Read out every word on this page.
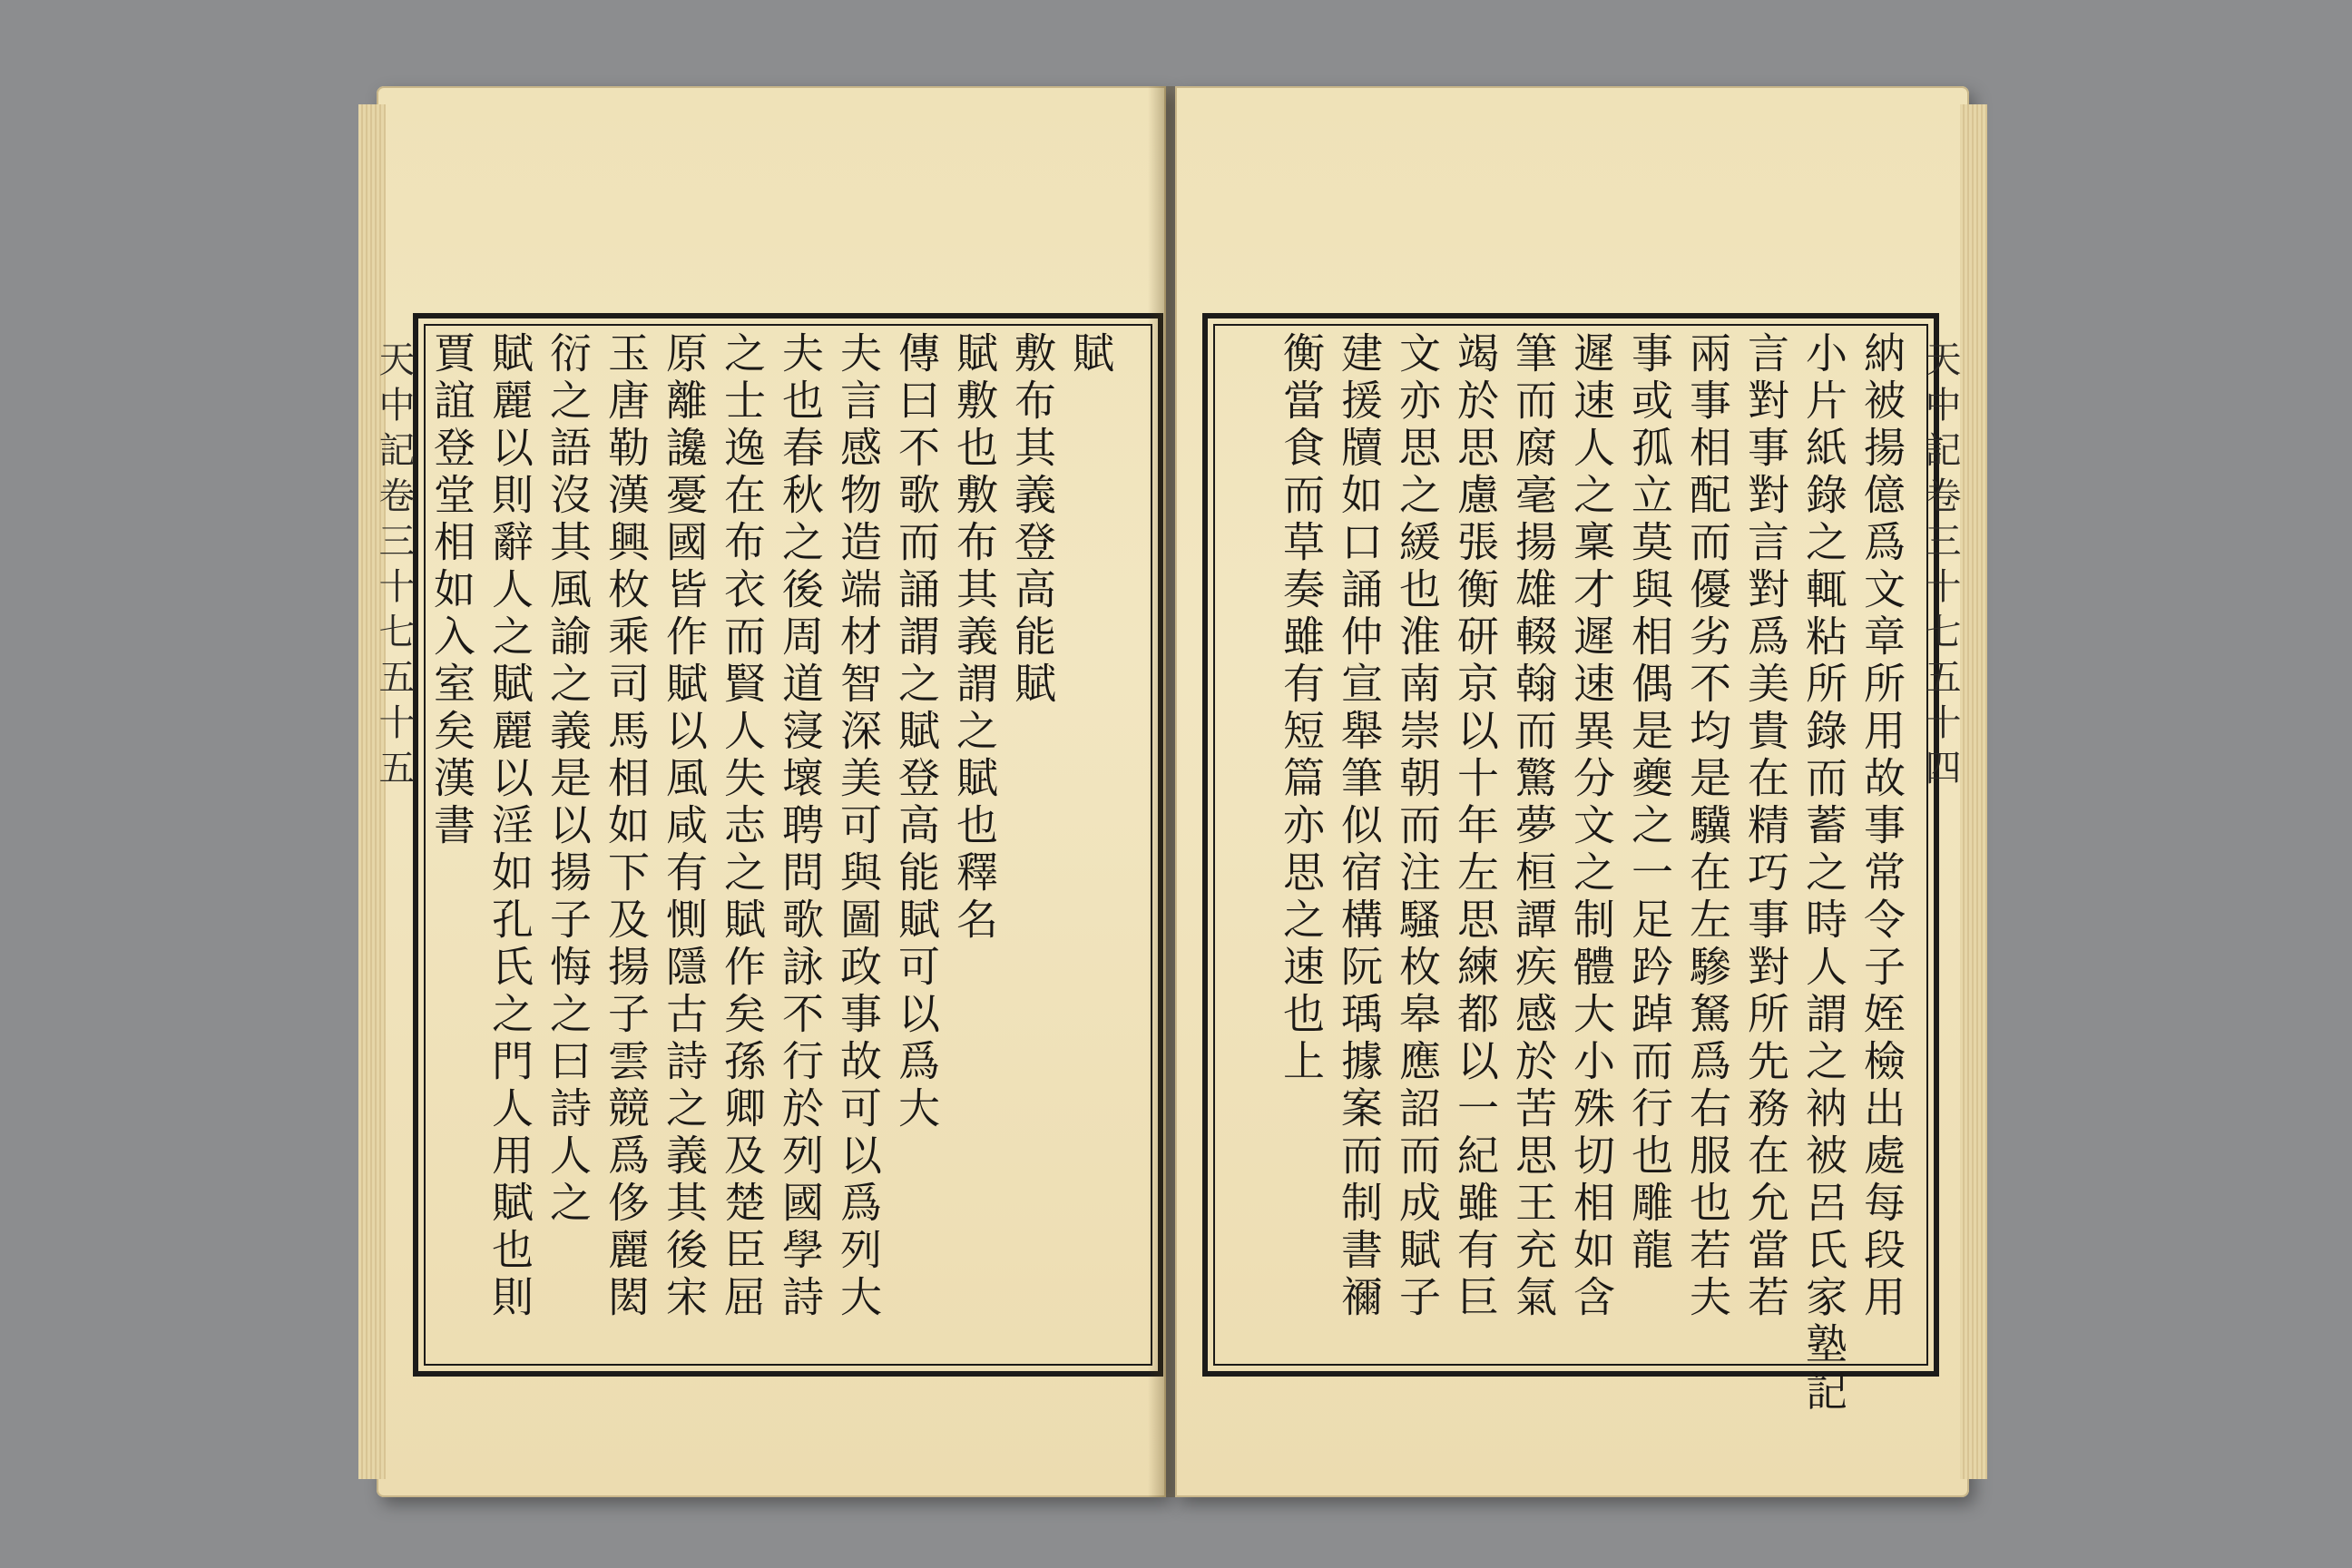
天中記卷三十七五十五
賦
敷布其義登高能賦
賦敷也敷布其義謂之賦也釋名
傳曰不歌而誦謂之賦登高能賦可以爲大
夫言感物造端材智深美可與圖政事故可以爲列大
夫也春秋之後周道寖壞聘問歌詠不行於列國學詩
之士逸在布衣而賢人失志之賦作矣孫卿及楚臣屈
原離讒憂國皆作賦以風咸有惻隱古詩之義其後宋
玉唐勒漢興枚乘司馬相如下及揚子雲競爲侈麗閎
衍之語沒其風諭之義是以揚子悔之曰詩人之
賦麗以則辭人之賦麗以淫如孔氏之門人用賦也則
賈誼登堂相如入室矣漢書	天中記卷三十七五十四
納被揚億爲文章所用故事常令子姪檢出處每段用
小片紙錄之輒粘所錄而蓄之時人謂之衲被呂氏家塾記
言對事對言對爲美貴在精巧事對所先務在允當若
兩事相配而優劣不均是驥在左驂駑爲右服也若夫
事或孤立莫與相偶是夔之一足趻踔而行也雕龍
遲速人之稟才遲速異分文之制體大小殊切相如含
筆而腐毫揚雄輟翰而驚夢桓譚疾感於苦思王充氣
竭於思慮張衡研京以十年左思練都以一紀雖有巨
文亦思之緩也淮南崇朝而注騷枚皋應詔而成賦子
建援牘如口誦仲宣舉筆似宿構阮瑀據案而制書禰
衡當食而草奏雖有短篇亦思之速也上
